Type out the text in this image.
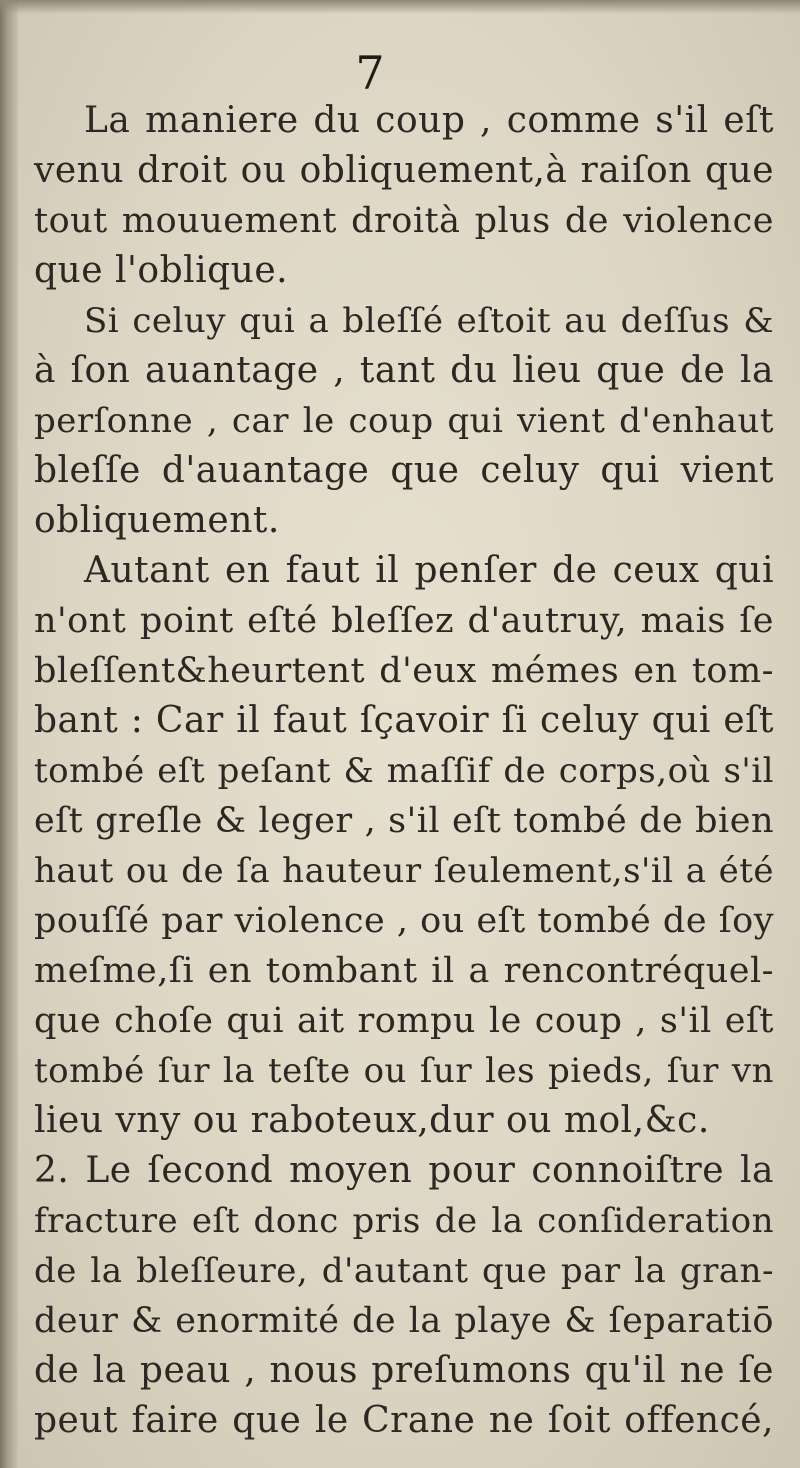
7
La maniere du coup , comme s'il eſt
venu droit ou obliquement,à raiſon que
tout mouuement droità plus de violence
que l'oblique.
Si celuy qui a bleſſé eſtoit au deſſus &
à ſon auantage , tant du lieu que de la
perſonne , car le coup qui vient d'enhaut
bleſſe d'auantage que celuy qui vient
obliquement.
Autant en faut il penſer de ceux qui
n'ont point eſté bleſſez d'autruy, mais ſe
bleſſent&heurtent d'eux mémes en tom-
bant : Car il faut ſçavoir ſi celuy qui eſt
tombé eſt peſant & maſſif de corps,où s'il
eſt greſle & leger , s'il eſt tombé de bien
haut ou de ſa hauteur ſeulement,s'il a été
pouſſé par violence , ou eſt tombé de ſoy
meſme,ſi en tombant il a rencontréquel-
que choſe qui ait rompu le coup , s'il eſt
tombé ſur la teſte ou ſur les pieds, ſur vn
lieu vny ou raboteux,dur ou mol,&c.
2. Le ſecond moyen pour connoiſtre la
fracture eſt donc pris de la conſideration
de la bleſſeure, d'autant que par la gran-
deur & enormité de la playe & ſeparatiō
de la peau , nous preſumons qu'il ne ſe
peut faire que le Crane ne ſoit offencé,
